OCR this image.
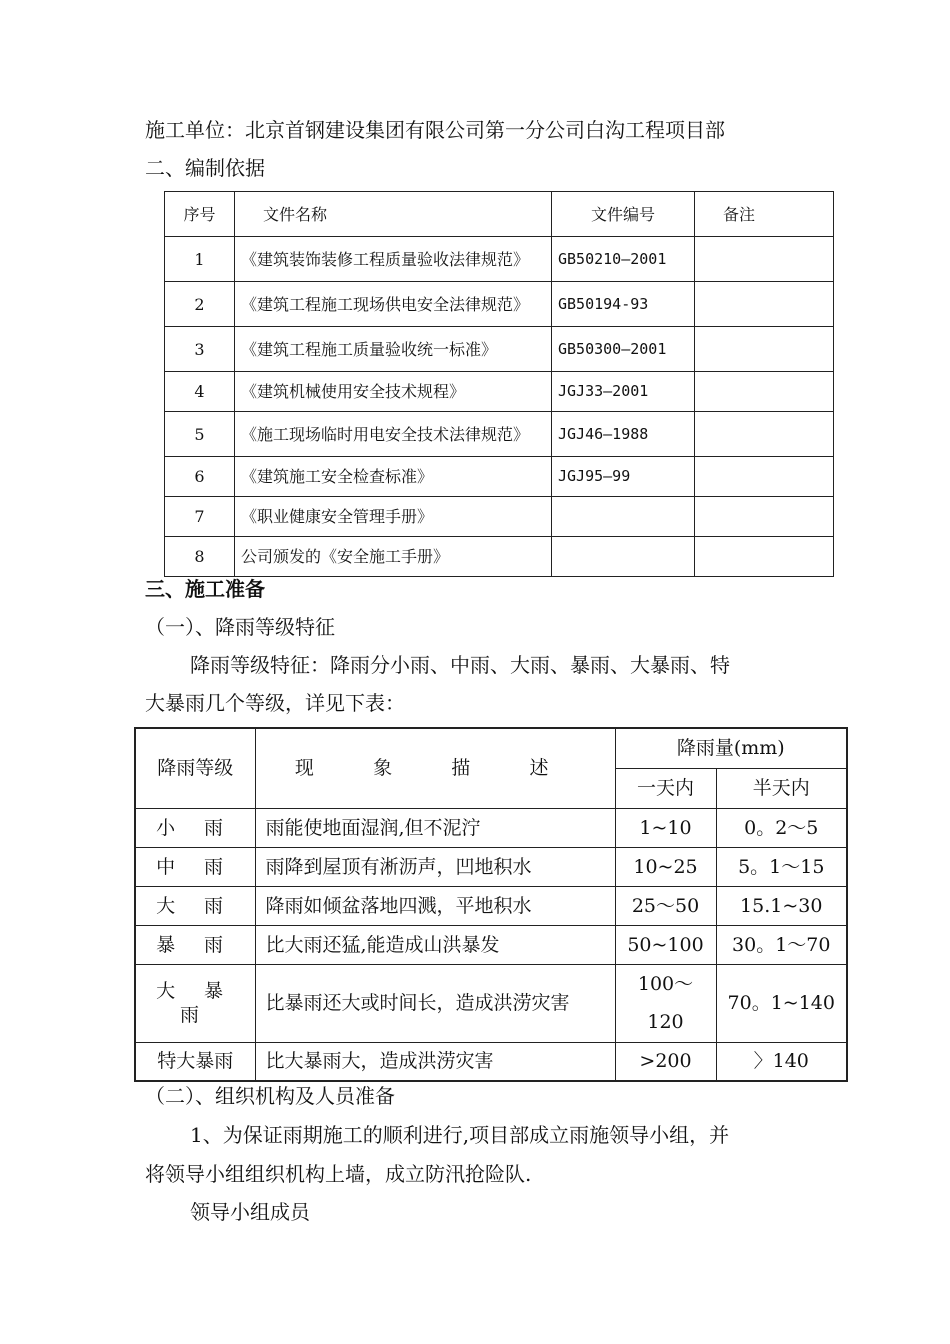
施工单位：北京首钢建设集团有限公司第一分公司白沟工程项目部
二、编制依据
序号	文件名称	文件编号	备注
1	《建筑装饰装修工程质量验收法律规范》	GB50210—2001	
2	《建筑工程施工现场供电安全法律规范》	GB50194-93	
3	《建筑工程施工质量验收统一标准》	GB50300—2001	
4	《建筑机械使用安全技术规程》	JGJ33—2001	
5	《施工现场临时用电安全技术法律规范》	JGJ46—1988	
6	《建筑施工安全检查标准》	JGJ95—99	
7	《职业健康安全管理手册》		
8	公司颁发的《安全施工手册》		
三、施工准备
（一）、降雨等级特征
降雨等级特征：降雨分小雨、中雨、大雨、暴雨、大暴雨、特
大暴雨几个等级，详见下表：
降雨等级	现 象 描 述	降雨量(mm)	
		一天内	半天内
小 雨	雨能使地面湿润,但不泥泞	1~10	0。2～5
中 雨	雨降到屋顶有淅沥声，凹地积水	10~25	5。1～15
大 雨	降雨如倾盆落地四溅，平地积水	25～50	15.1~30
暴 雨	比大雨还猛,能造成山洪暴发	50~100	30。1～70
大 暴 雨	比暴雨还大或时间长，造成洪涝灾害	100～120	70。1~140
特大暴雨	比大暴雨大，造成洪涝灾害	>200	〉140
（二）、组织机构及人员准备
1、为保证雨期施工的顺利进行,项目部成立雨施领导小组，并
将领导小组组织机构上墙，成立防汛抢险队.
领导小组成员
